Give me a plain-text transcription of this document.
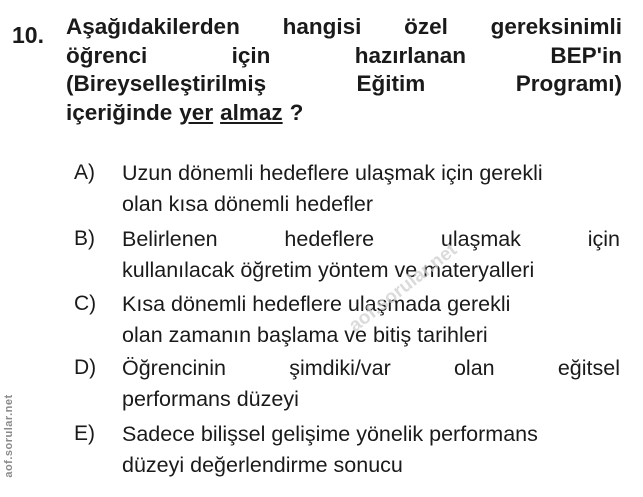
10. Aşağıdakilerden hangisi özel gereksinimli
öğrenci	için	hazırlanan	BEP'in
(Bireyselleştirilmiş	Eğitim	Programı)
içeriğinde yer almaz ?
A) Uzun dönemli hedeflere ulaşmak için gerekli
olan kısa dönemli hedefler
B) Belirlenen	hedeflere	ulaşmak	için
kullanılacak öğretim yöntem ve materyalleri
C) Kısa dönemli hedeflere ulaşmada gerekli
olan zamanın başlama ve bitiş tarihleri
D) Öğrencinin	şimdiki/var	olan	eğitsel
performans düzeyi
E) Sadece bilişsel gelişime yönelik performans
düzeyi değerlendirme sonucu
aof.sorular.net
aof.sorular.net
